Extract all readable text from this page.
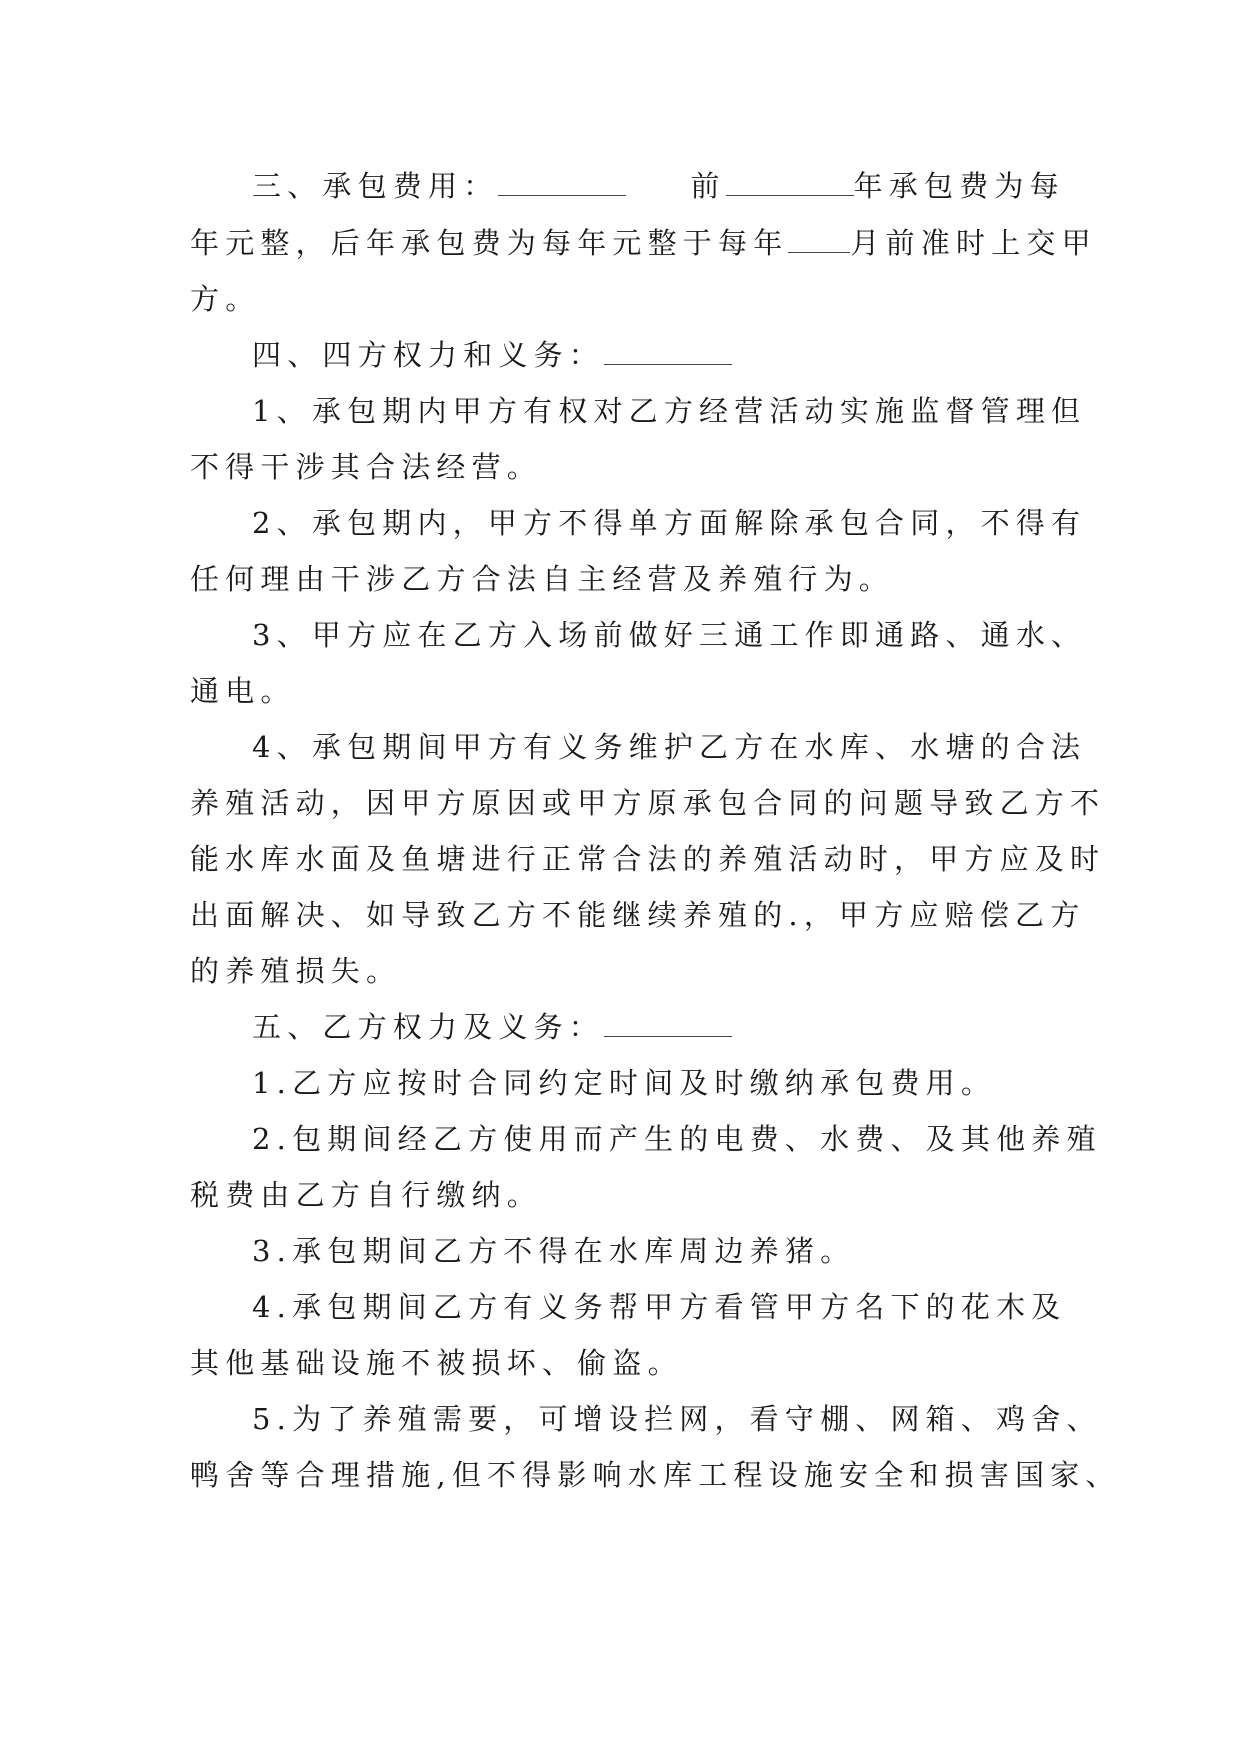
三、承包费用：	前	年承包费为每
年元整，后年承包费为每年元整于每年 月前准时上交甲
方。
四、四方权力和义务：
1、承包期内甲方有权对乙方经营活动实施监督管理但
不得干涉其合法经营。
2、承包期内，甲方不得单方面解除承包合同，不得有
任何理由干涉乙方合法自主经营及养殖行为。
3、甲方应在乙方入场前做好三通工作即通路、通水、
通电。
4、承包期间甲方有义务维护乙方在水库、水塘的合法
养殖活动，因甲方原因或甲方原承包合同的问题导致乙方不
能水库水面及鱼塘进行正常合法的养殖活动时，甲方应及时
出面解决、如导致乙方不能继续养殖的.，甲方应赔偿乙方
的养殖损失。
五、乙方权力及义务：
1.乙方应按时合同约定时间及时缴纳承包费用。
2.包期间经乙方使用而产生的电费、水费、及其他养殖
税费由乙方自行缴纳。
3.承包期间乙方不得在水库周边养猪。
4.承包期间乙方有义务帮甲方看管甲方名下的花木及
其他基础设施不被损坏、偷盗。
5.为了养殖需要，可增设拦网，看守棚、网箱、鸡舍、
鸭舍等合理措施,但不得影响水库工程设施安全和损害国家、
